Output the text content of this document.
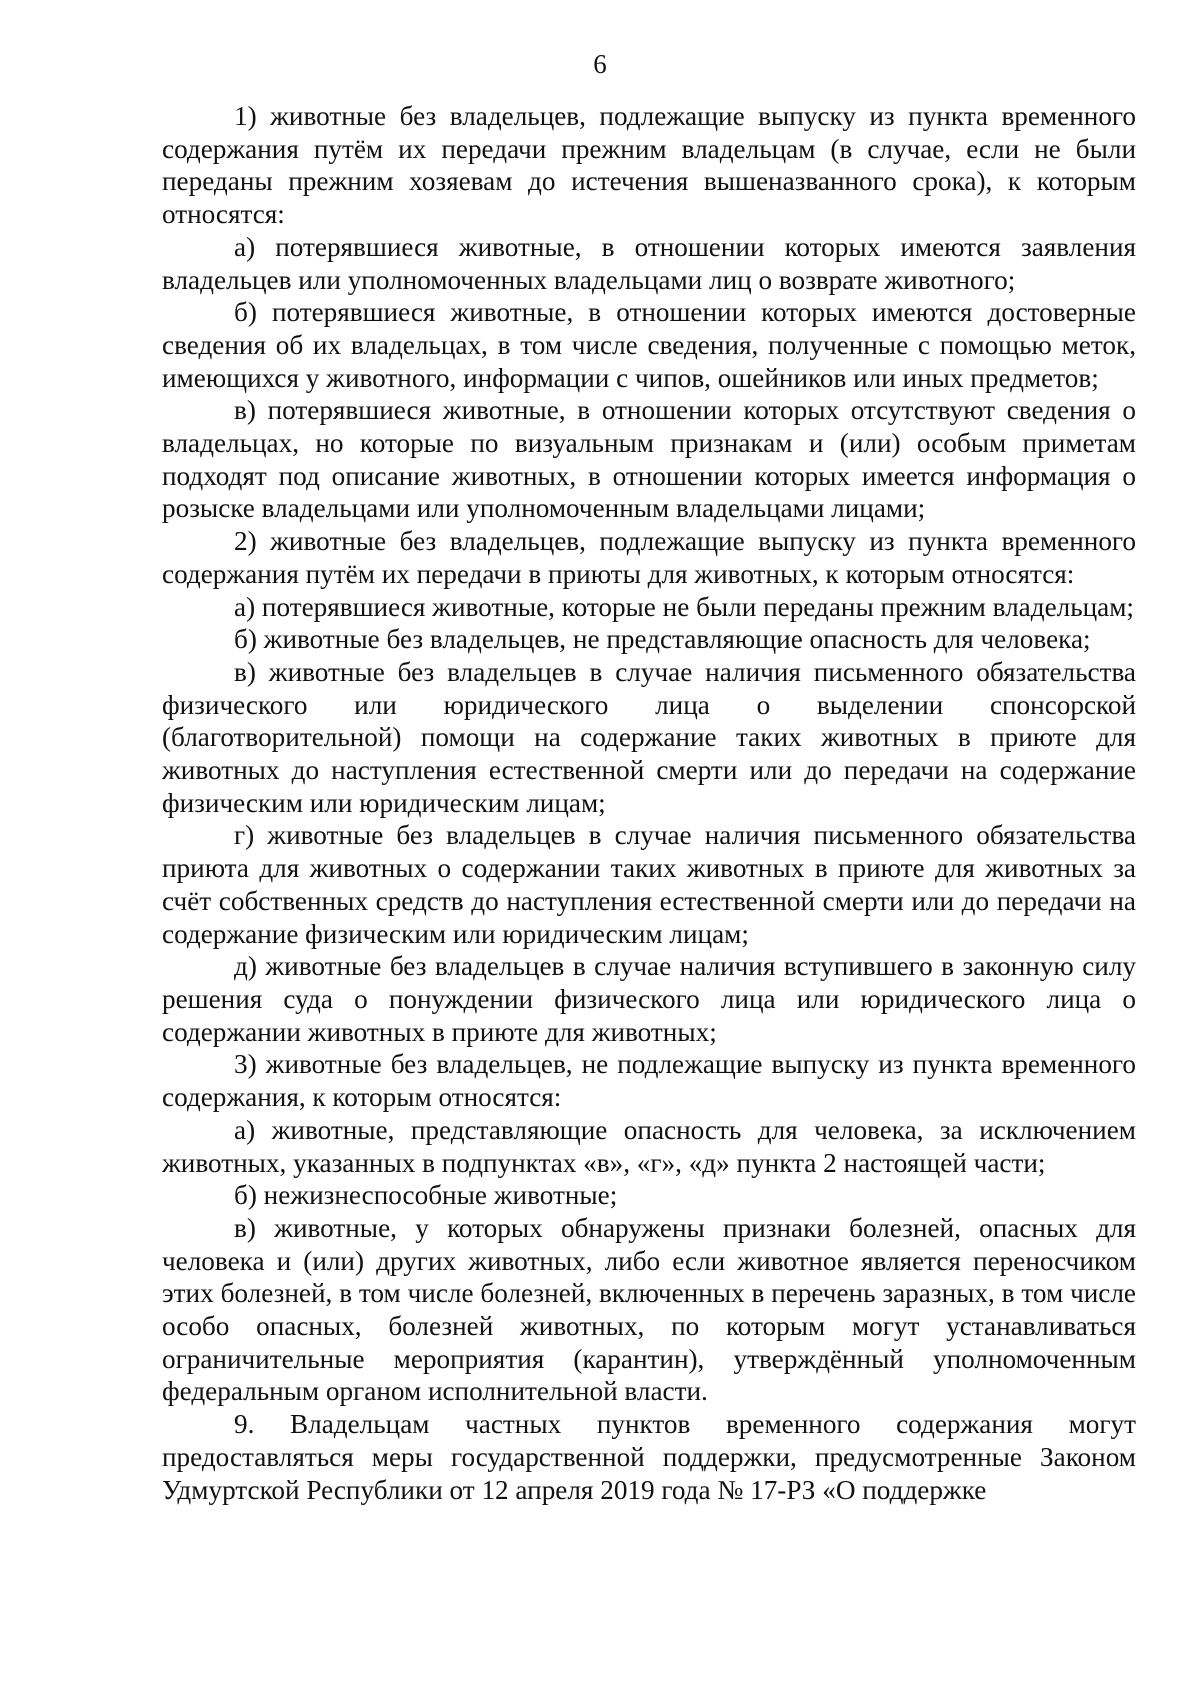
6

1) животные без владельцев, подлежащие выпуску из пункта временного содержания путём их передачи прежним владельцам (в случае, если не были переданы прежним хозяевам до истечения вышеназванного срока), к которым относятся:

а) потерявшиеся животные, в отношении которых имеются заявления владельцев или уполномоченных владельцами лиц о возврате животного;

б) потерявшиеся животные, в отношении которых имеются достоверные сведения об их владельцах, в том числе сведения, полученные с помощью меток, имеющихся у животного, информации с чипов, ошейников или иных предметов;

в) потерявшиеся животные, в отношении которых отсутствуют сведения о владельцах, но которые по визуальным признакам и (или) особым приметам подходят под описание животных, в отношении которых имеется информация о розыске владельцами или уполномоченным владельцами лицами;

2) животные без владельцев, подлежащие выпуску из пункта временного содержания путём их передачи в приюты для животных, к которым относятся:

а) потерявшиеся животные, которые не были переданы прежним владельцам;

б) животные без владельцев, не представляющие опасность для человека;

в) животные без владельцев в случае наличия письменного обязательства физического или юридического лица о выделении спонсорской (благотворительной) помощи на содержание таких животных в приюте для животных до наступления естественной смерти или до передачи на содержание физическим или юридическим лицам;

г) животные без владельцев в случае наличия письменного обязательства приюта для животных о содержании таких животных в приюте для животных за счёт собственных средств до наступления естественной смерти или до передачи на содержание физическим или юридическим лицам;

д) животные без владельцев в случае наличия вступившего в законную силу решения суда о понуждении физического лица или юридического лица о содержании животных в приюте для животных;

3) животные без владельцев, не подлежащие выпуску из пункта временного содержания, к которым относятся:

а) животные, представляющие опасность для человека, за исключением животных, указанных в подпунктах «в», «г», «д» пункта 2 настоящей части;

б) нежизнеспособные животные;

в) животные, у которых обнаружены признаки болезней, опасных для человека и (или) других животных, либо если животное является переносчиком этих болезней, в том числе болезней, включенных в перечень заразных, в том числе особо опасных, болезней животных, по которым могут устанавливаться ограничительные мероприятия (карантин), утверждённый уполномоченным федеральным органом исполнительной власти.

9. Владельцам частных пунктов временного содержания могут предоставляться меры государственной поддержки, предусмотренные Законом Удмуртской Республики от 12 апреля 2019 года № 17-РЗ «О поддержке
